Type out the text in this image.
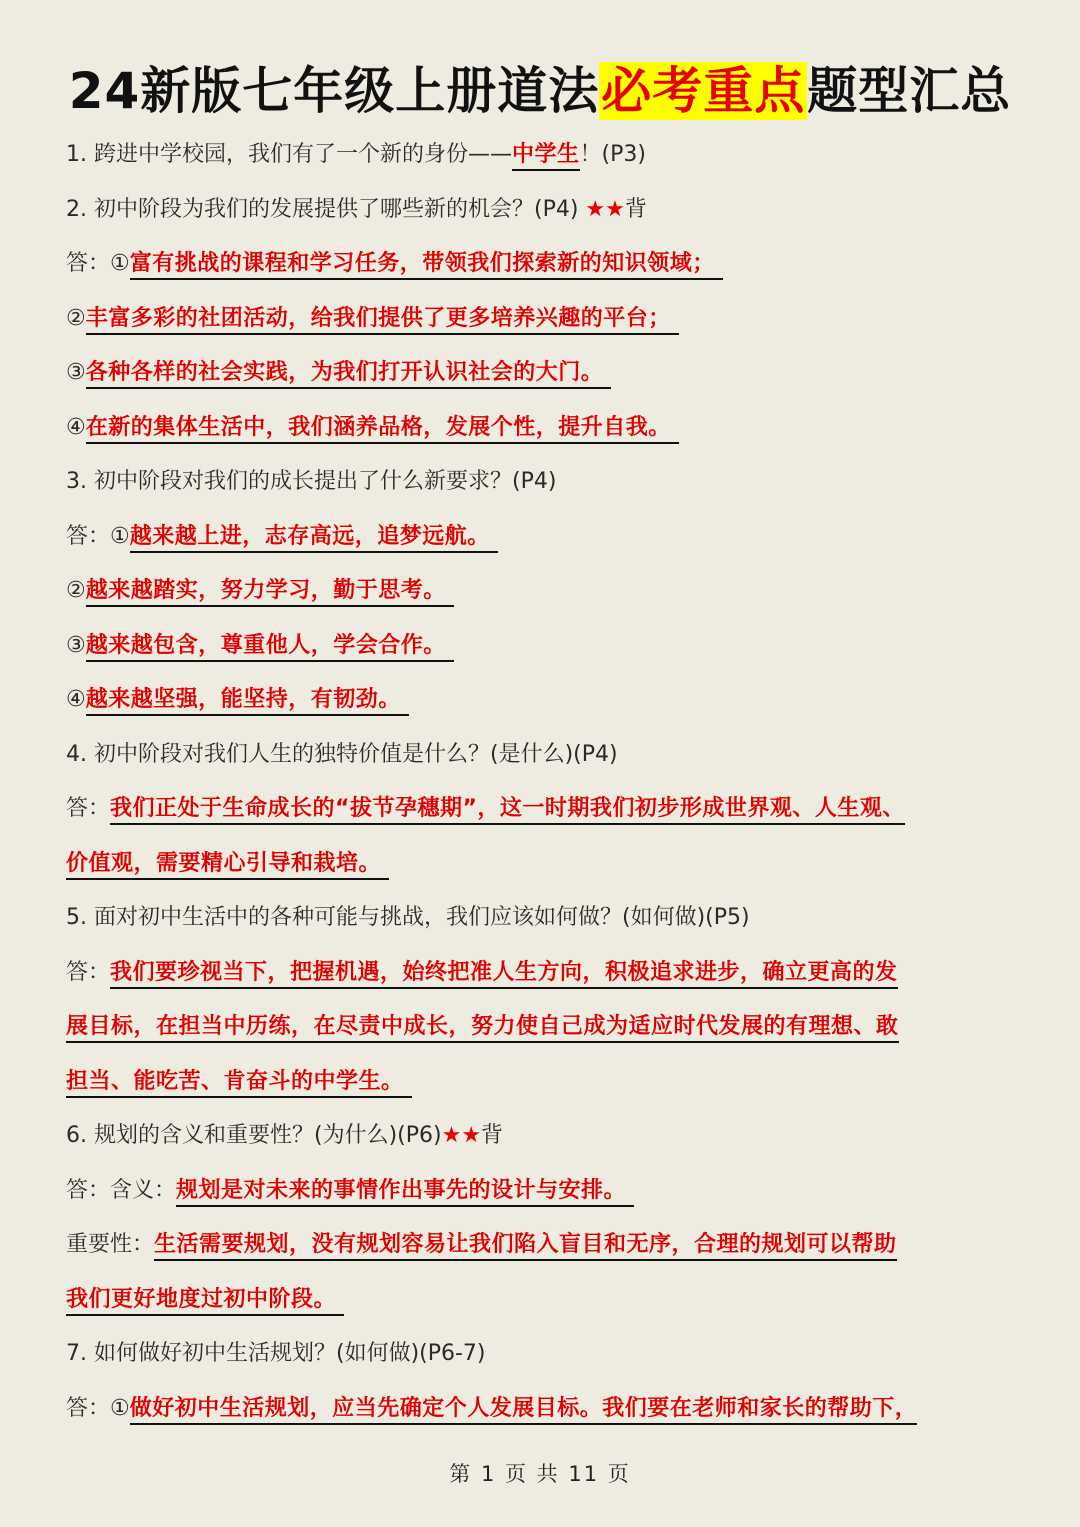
24新版七年级上册道法必考重点题型汇总
1. 跨进中学校园，我们有了一个新的身份——中学生！(P3)
2. 初中阶段为我们的发展提供了哪些新的机会？(P4) ★★背
答：①富有挑战的课程和学习任务，带领我们探索新的知识领域；
②丰富多彩的社团活动，给我们提供了更多培养兴趣的平台；
③各种各样的社会实践，为我们打开认识社会的大门。
④在新的集体生活中，我们涵养品格，发展个性，提升自我。
3. 初中阶段对我们的成长提出了什么新要求？(P4)
答：①越来越上进，志存高远，追梦远航。
②越来越踏实，努力学习，勤于思考。
③越来越包含，尊重他人，学会合作。
④越来越坚强，能坚持，有韧劲。
4. 初中阶段对我们人生的独特价值是什么？(是什么)(P4)
答：我们正处于生命成长的“拔节孕穗期”，这一时期我们初步形成世界观、人生观、
价值观，需要精心引导和栽培。
5. 面对初中生活中的各种可能与挑战，我们应该如何做？(如何做)(P5)
答：我们要珍视当下，把握机遇，始终把准人生方向，积极追求进步，确立更高的发
展目标，在担当中历练，在尽责中成长，努力使自己成为适应时代发展的有理想、敢
担当、能吃苦、肯奋斗的中学生。
6. 规划的含义和重要性？(为什么)(P6)★★背
答：含义：规划是对未来的事情作出事先的设计与安排。
重要性：生活需要规划，没有规划容易让我们陷入盲目和无序，合理的规划可以帮助
我们更好地度过初中阶段。
7. 如何做好初中生活规划？(如何做)(P6-7)
答：①做好初中生活规划，应当先确定个人发展目标。我们要在老师和家长的帮助下，
第 1 页 共 11 页
